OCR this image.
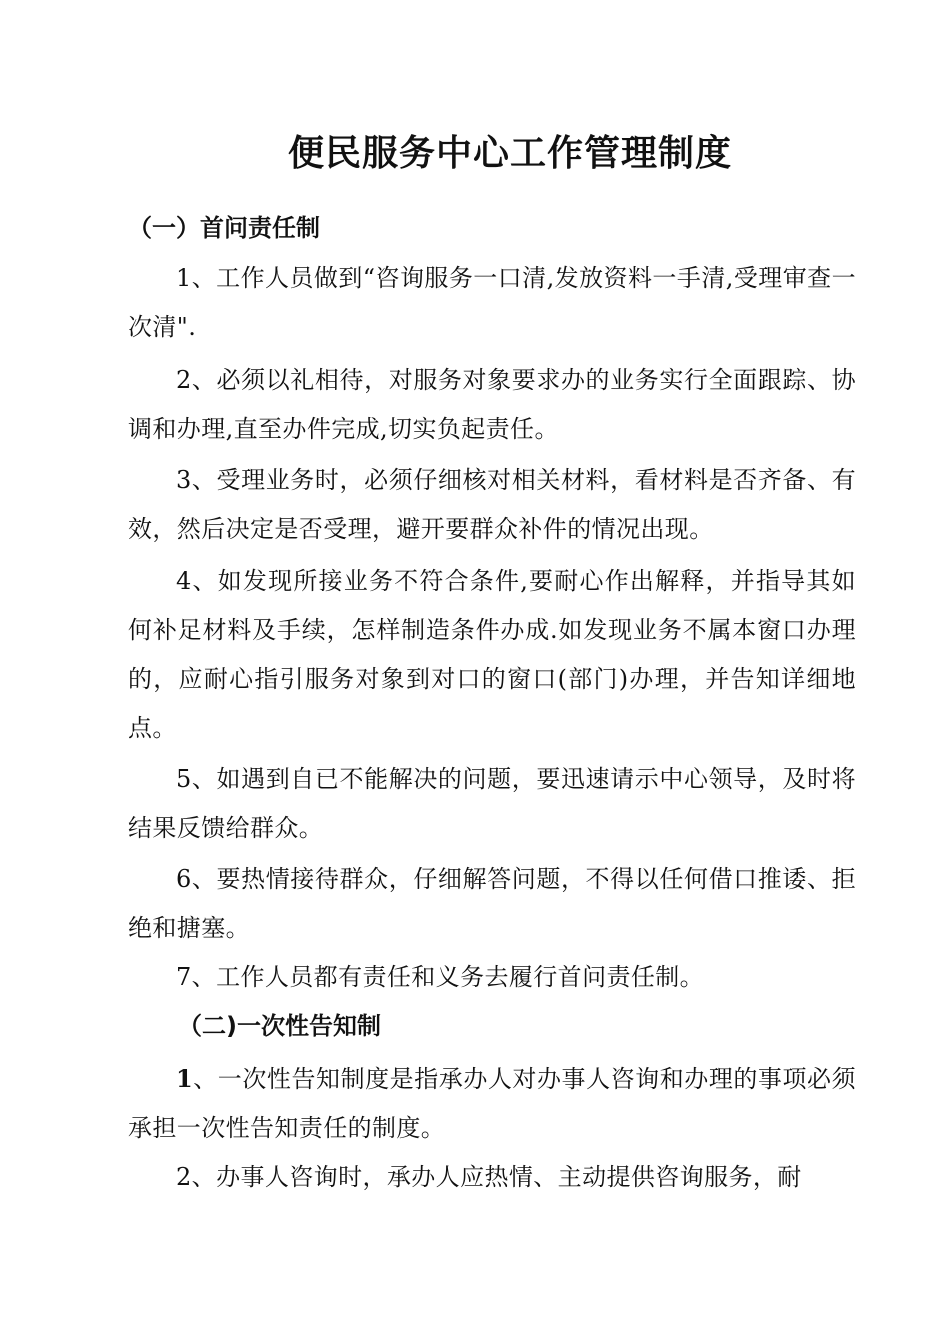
便民服务中心工作管理制度
（一）首问责任制

1、工作人员做到“咨询服务一口清,发放资料一手清,受理审查一次清".

2、必须以礼相待，对服务对象要求办的业务实行全面跟踪、协调和办理,直至办件完成,切实负起责任。

3、受理业务时，必须仔细核对相关材料，看材料是否齐备、有效，然后决定是否受理，避开要群众补件的情况出现。

4、如发现所接业务不符合条件,要耐心作出解释，并指导其如何补足材料及手续，怎样制造条件办成.如发现业务不属本窗口办理的，应耐心指引服务对象到对口的窗口(部门)办理，并告知详细地点。

5、如遇到自已不能解决的问题，要迅速请示中心领导，及时将结果反馈给群众。

6、要热情接待群众，仔细解答问题，不得以任何借口推诿、拒绝和搪塞。

7、工作人员都有责任和义务去履行首问责任制。

（二)一次性告知制

1、一次性告知制度是指承办人对办事人咨询和办理的事项必须承担一次性告知责任的制度。

2、办事人咨询时，承办人应热情、主动提供咨询服务，耐
